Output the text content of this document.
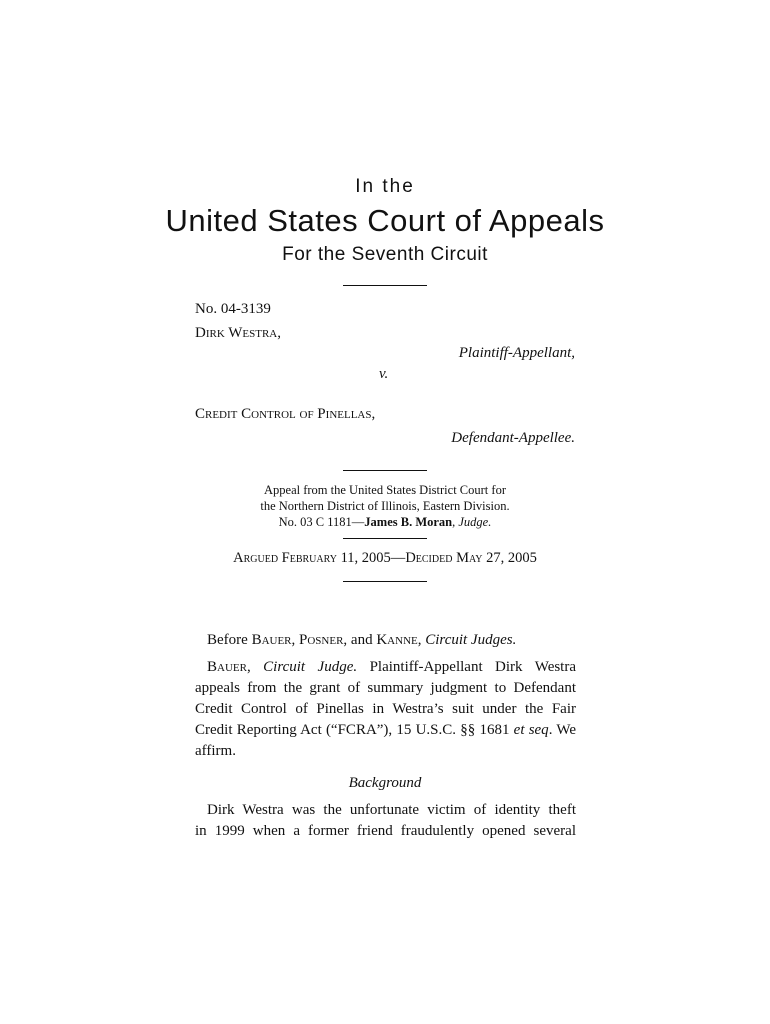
In the
United States Court of Appeals
For the Seventh Circuit
No. 04-3139
Dirk Westra,
Plaintiff-Appellant,
v.
Credit Control of Pinellas,
Defendant-Appellee.
Appeal from the United States District Court for
the Northern District of Illinois, Eastern Division.
No. 03 C 1181—James B. Moran, Judge.
Argued February 11, 2005—Decided May 27, 2005
Before Bauer, Posner, and Kanne, Circuit Judges.
Bauer, Circuit Judge. Plaintiff-Appellant Dirk Westra
appeals from the grant of summary judgment to Defendant
Credit Control of Pinellas in Westra’s suit under the Fair
Credit Reporting Act (“FCRA”), 15 U.S.C. §§ 1681 et seq. We
affirm.
Background
Dirk Westra was the unfortunate victim of identity theft
in 1999 when a former friend fraudulently opened several
